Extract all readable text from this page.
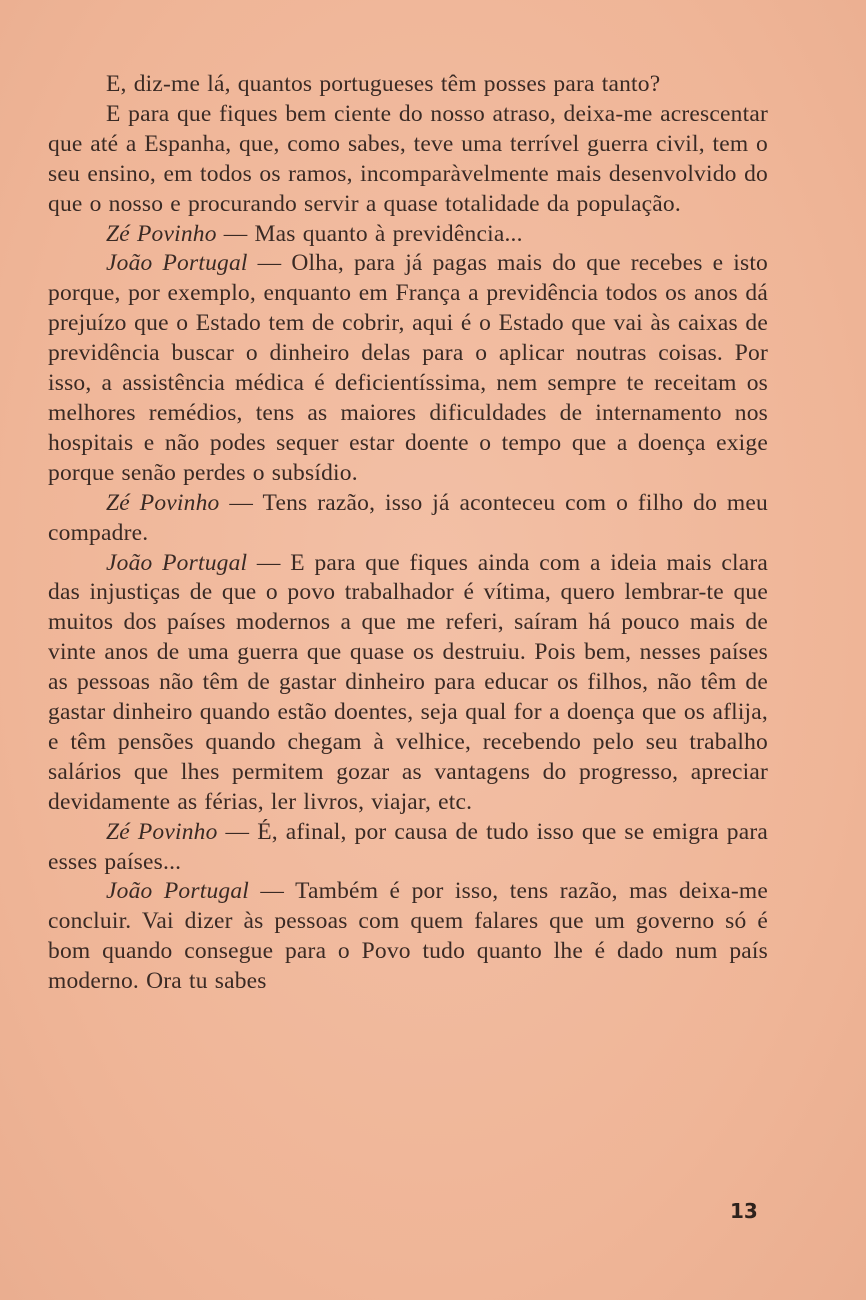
E, diz-me lá, quantos portugueses têm posses para tanto?

E para que fiques bem ciente do nosso atraso, deixa-me acrescentar que até a Espanha, que, como sabes, teve uma terrível guerra civil, tem o seu ensino, em todos os ramos, incomparàvelmente mais desenvolvido do que o nosso e procurando servir a quase totalidade da população.

Zé Povinho — Mas quanto à previdência...

João Portugal — Olha, para já pagas mais do que recebes e isto porque, por exemplo, enquanto em França a previdência todos os anos dá prejuízo que o Estado tem de cobrir, aqui é o Estado que vai às caixas de previdência buscar o dinheiro delas para o aplicar noutras coisas. Por isso, a assistência médica é deficientíssima, nem sempre te receitam os melhores remédios, tens as maiores dificuldades de internamento nos hospitais e não podes sequer estar doente o tempo que a doença exige porque senão perdes o subsídio.

Zé Povinho — Tens razão, isso já aconteceu com o filho do meu compadre.

João Portugal — E para que fiques ainda com a ideia mais clara das injustiças de que o povo trabalhador é vítima, quero lembrar-te que muitos dos países modernos a que me referi, saíram há pouco mais de vinte anos de uma guerra que quase os destruiu. Pois bem, nesses países as pessoas não têm de gastar dinheiro para educar os filhos, não têm de gastar dinheiro quando estão doentes, seja qual for a doença que os aflija, e têm pensões quando chegam à velhice, recebendo pelo seu trabalho salários que lhes permitem gozar as vantagens do progresso, apreciar devidamente as férias, ler livros, viajar, etc.

Zé Povinho — É, afinal, por causa de tudo isso que se emigra para esses países...

João Portugal — Também é por isso, tens razão, mas deixa-me concluir. Vai dizer às pessoas com quem falares que um governo só é bom quando consegue para o Povo tudo quanto lhe é dado num país moderno. Ora tu sabes

13
